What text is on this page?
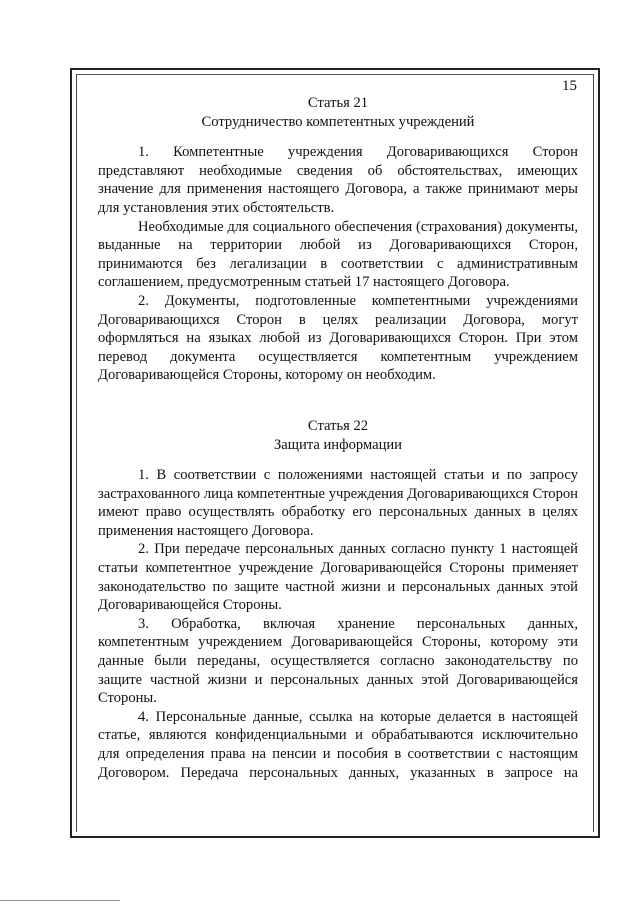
15
Статья 21
Сотрудничество компетентных учреждений

1. Компетентные учреждения Договаривающихся Сторон представляют необходимые сведения об обстоятельствах, имеющих значение для применения настоящего Договора, а также принимают меры для установления этих обстоятельств.

Необходимые для социального обеспечения (страхования) документы, выданные на территории любой из Договаривающихся Сторон, принимаются без легализации в соответствии с административным соглашением, предусмотренным статьей 17 настоящего Договора.

2. Документы, подготовленные компетентными учреждениями Договаривающихся Сторон в целях реализации Договора, могут оформляться на языках любой из Договаривающихся Сторон. При этом перевод документа осуществляется компетентным учреждением Договаривающейся Стороны, которому он необходим.

Статья 22
Защита информации

1. В соответствии с положениями настоящей статьи и по запросу застрахованного лица компетентные учреждения Договаривающихся Сторон имеют право осуществлять обработку его персональных данных в целях применения настоящего Договора.

2. При передаче персональных данных согласно пункту 1 настоящей статьи компетентное учреждение Договаривающейся Стороны применяет законодательство по защите частной жизни и персональных данных этой Договаривающейся Стороны.

3. Обработка, включая хранение персональных данных, компетентным учреждением Договаривающейся Стороны, которому эти данные были переданы, осуществляется согласно законодательству по защите частной жизни и персональных данных этой Договаривающейся Стороны.

4. Персональные данные, ссылка на которые делается в настоящей статье, являются конфиденциальными и обрабатываются исключительно для определения права на пенсии и пособия в соответствии с настоящим Договором. Передача персональных данных, указанных в запросе на
